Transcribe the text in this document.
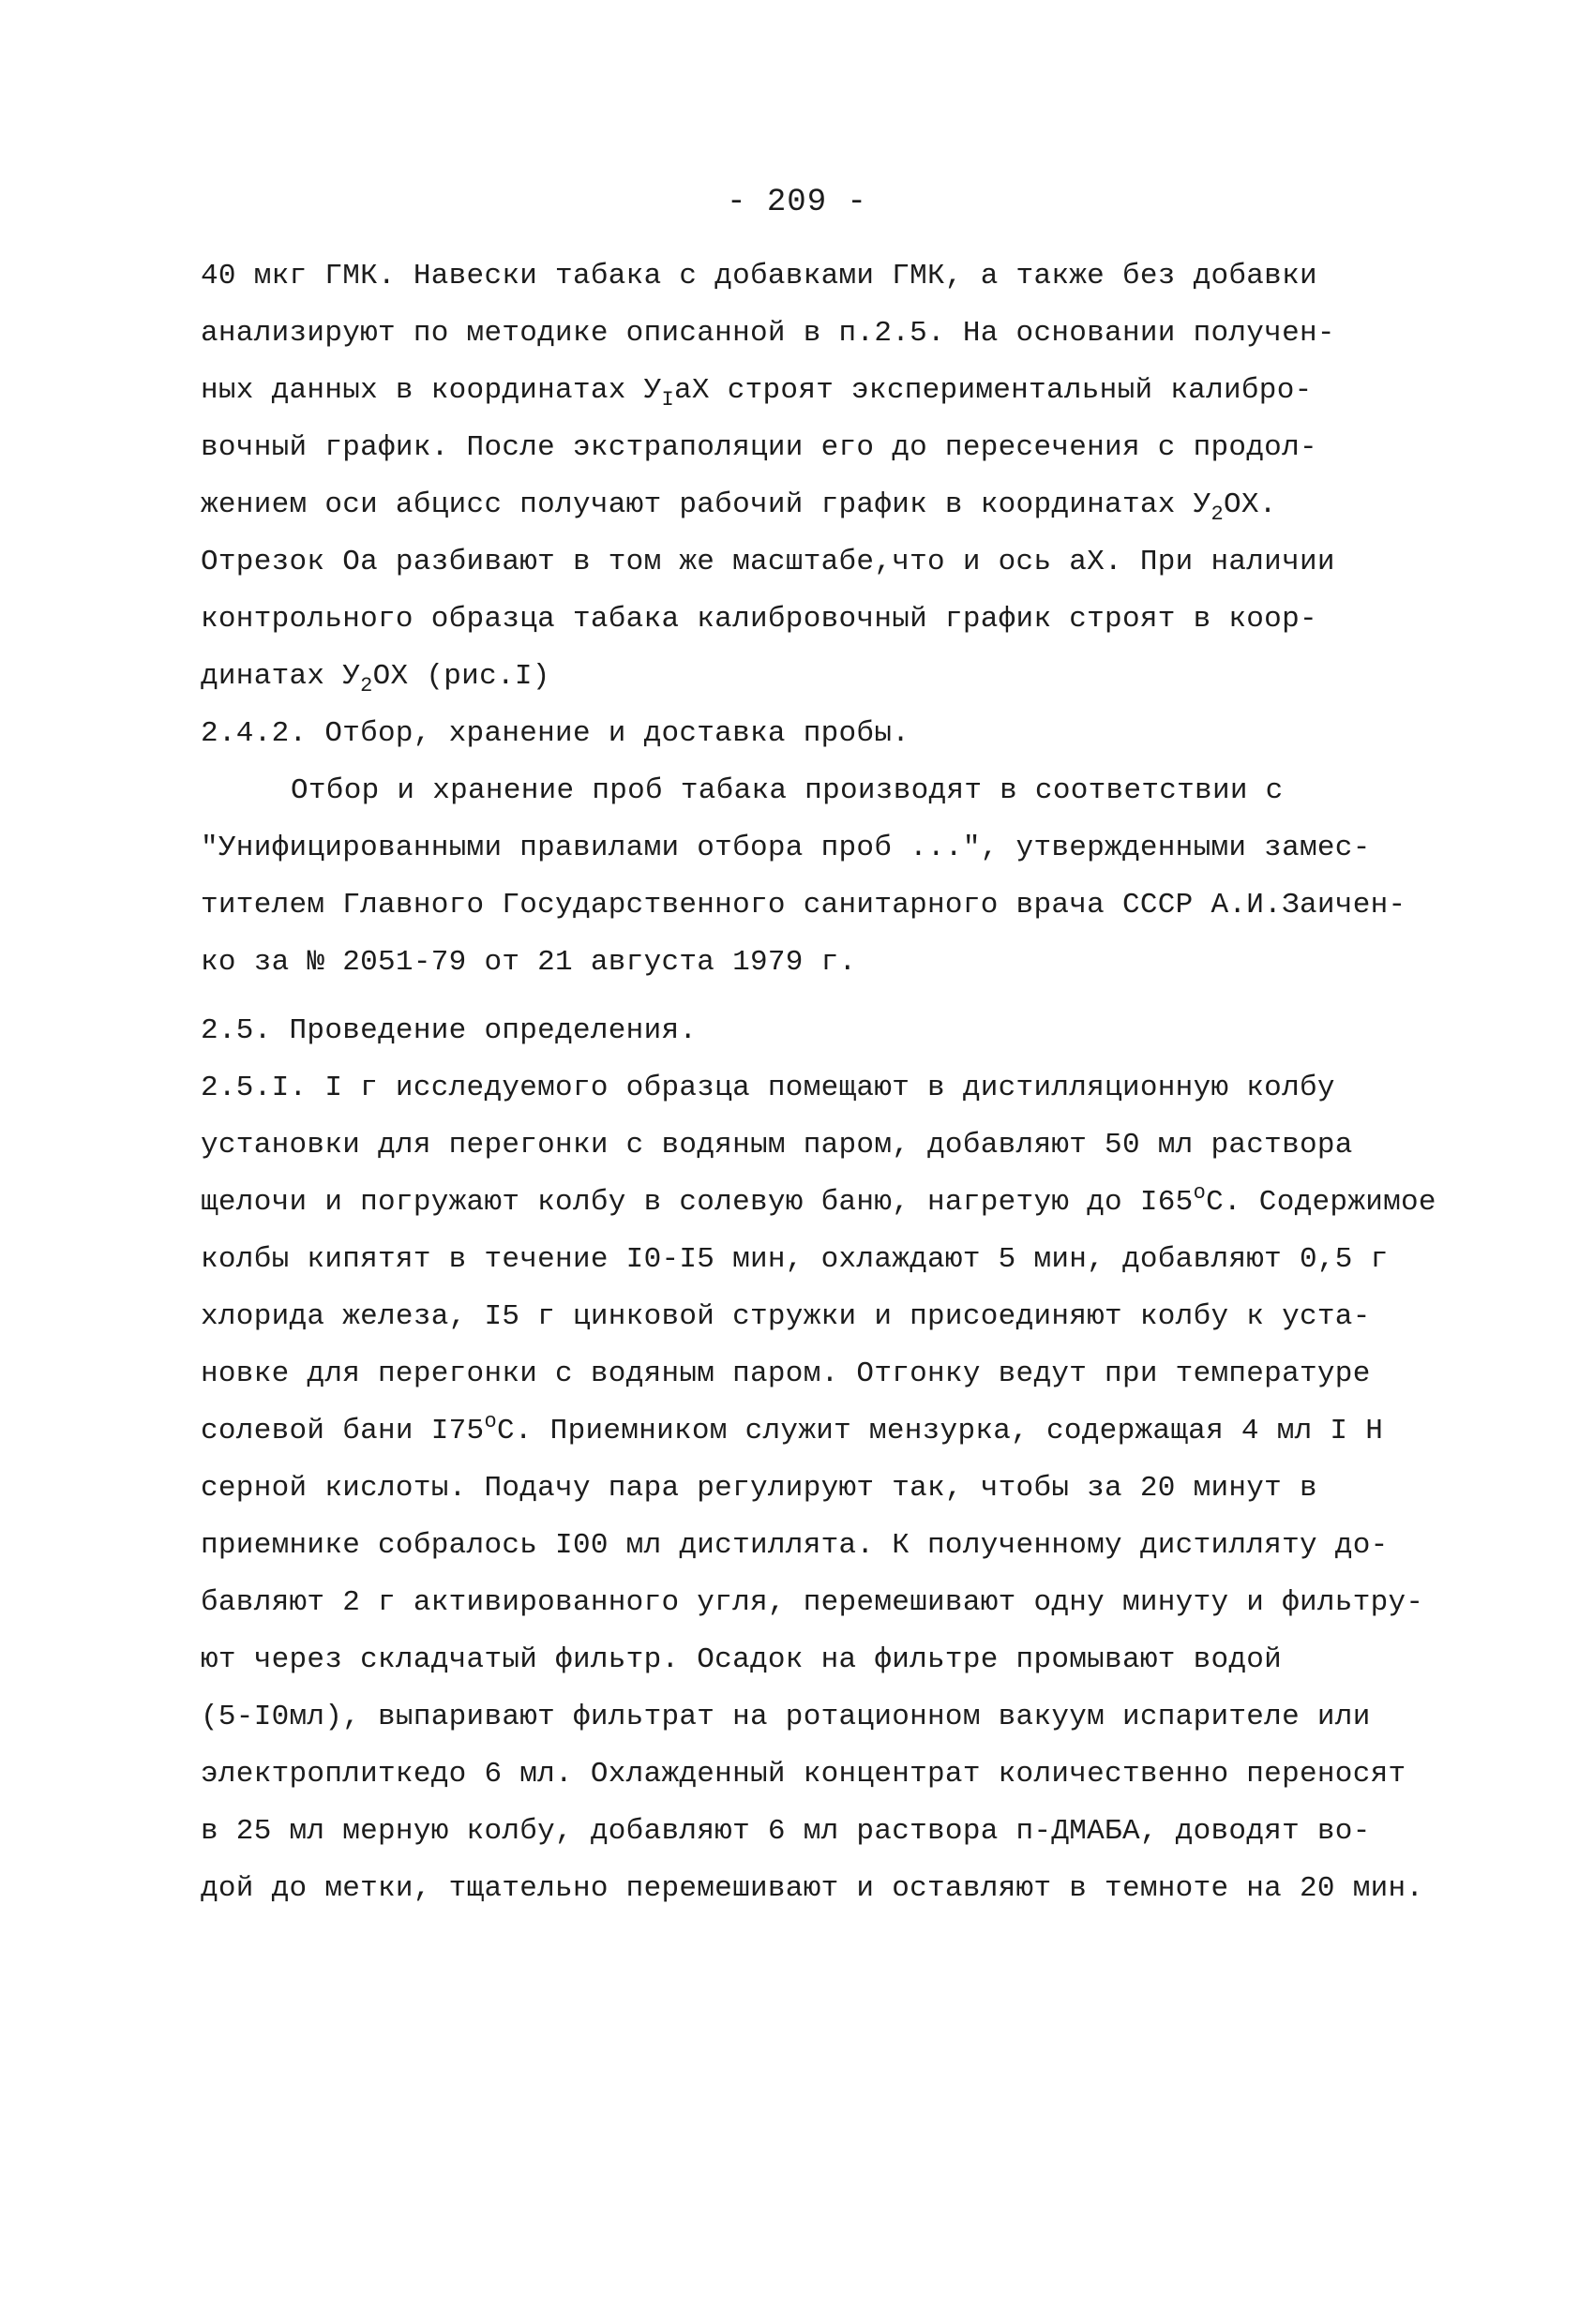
- 209 -
40 мкг ГМК. Навески табака с добавками ГМК, а также без добавки
анализируют по методике описанной в п.2.5. На основании получен-
ных данных в координатах $У_IаХ$ строят экспериментальный калибро-
вочный график. После экстраполяции его до пересечения с продол-
жением оси абцисс получают рабочий график в координатах $У_2ОХ$.
Отрезок Оа разбивают в том же масштабе,что и ось аХ. При наличии
контрольного образца табака калибровочный график строят в коор-
динатах $У_2ОХ$ (рис.I)
2.4.2. Отбор, хранение и доставка пробы.
Отбор и хранение проб табака производят в соответствии с
"Унифицированными правилами отбора проб ...", утвержденными замес-
тителем Главного Государственного санитарного врача СССР А.И.Заичен-
ко за № 2051-79 от 21 августа 1979 г.
2.5. Проведение определения.
2.5.I. I г исследуемого образца помещают в дистилляционную колбу
установки для перегонки с водяным паром, добавляют 50 мл раствора
щелочи и погружают колбу в солевую баню, нагретую до I65$^o$С. Содержимое
колбы кипятят в течение I0-I5 мин, охлаждают 5 мин, добавляют 0,5 г
хлорида железа, I5 г цинковой стружки и присоединяют колбу к уста-
новке для перегонки с водяным паром. Отгонку ведут при температуре
солевой бани I75$^o$С. Приемником служит мензурка, содержащая 4 мл I Н
серной кислоты. Подачу пара регулируют так, чтобы за 20 минут в
приемнике собралось I00 мл дистиллята. К полученному дистилляту до-
бавляют 2 г активированного угля, перемешивают одну минуту и фильтру-
ют через складчатый фильтр. Осадок на фильтре промывают водой
(5-I0мл), выпаривают фильтрат на ротационном вакуум испарителе или
электроплиткедо 6 мл. Охлажденный концентрат количественно переносят
в 25 мл мерную колбу, добавляют 6 мл раствора п-ДМАБА, доводят во-
дой до метки, тщательно перемешивают и оставляют в темноте на 20 мин.
